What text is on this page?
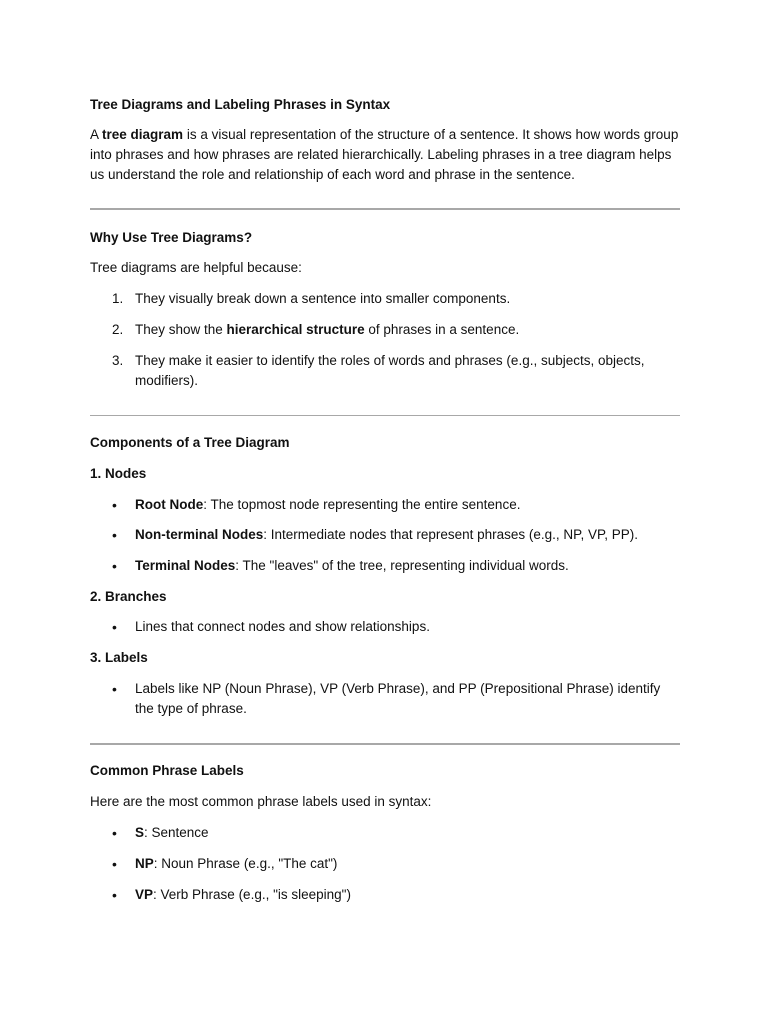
Tree Diagrams and Labeling Phrases in Syntax

A tree diagram is a visual representation of the structure of a sentence. It shows how words group into phrases and how phrases are related hierarchically. Labeling phrases in a tree diagram helps us understand the role and relationship of each word and phrase in the sentence.

Why Use Tree Diagrams?

Tree diagrams are helpful because:

1. They visually break down a sentence into smaller components.
2. They show the hierarchical structure of phrases in a sentence.
3. They make it easier to identify the roles of words and phrases (e.g., subjects, objects, modifiers).
Components of a Tree Diagram
1. Nodes
• Root Node: The topmost node representing the entire sentence.
• Non-terminal Nodes: Intermediate nodes that represent phrases (e.g., NP, VP, PP).
• Terminal Nodes: The "leaves" of the tree, representing individual words.
2. Branches
• Lines that connect nodes and show relationships.
3. Labels
• Labels like NP (Noun Phrase), VP (Verb Phrase), and PP (Prepositional Phrase) identify the type of phrase.
Common Phrase Labels

Here are the most common phrase labels used in syntax:

• S: Sentence
• NP: Noun Phrase (e.g., "The cat")
• VP: Verb Phrase (e.g., "is sleeping")
